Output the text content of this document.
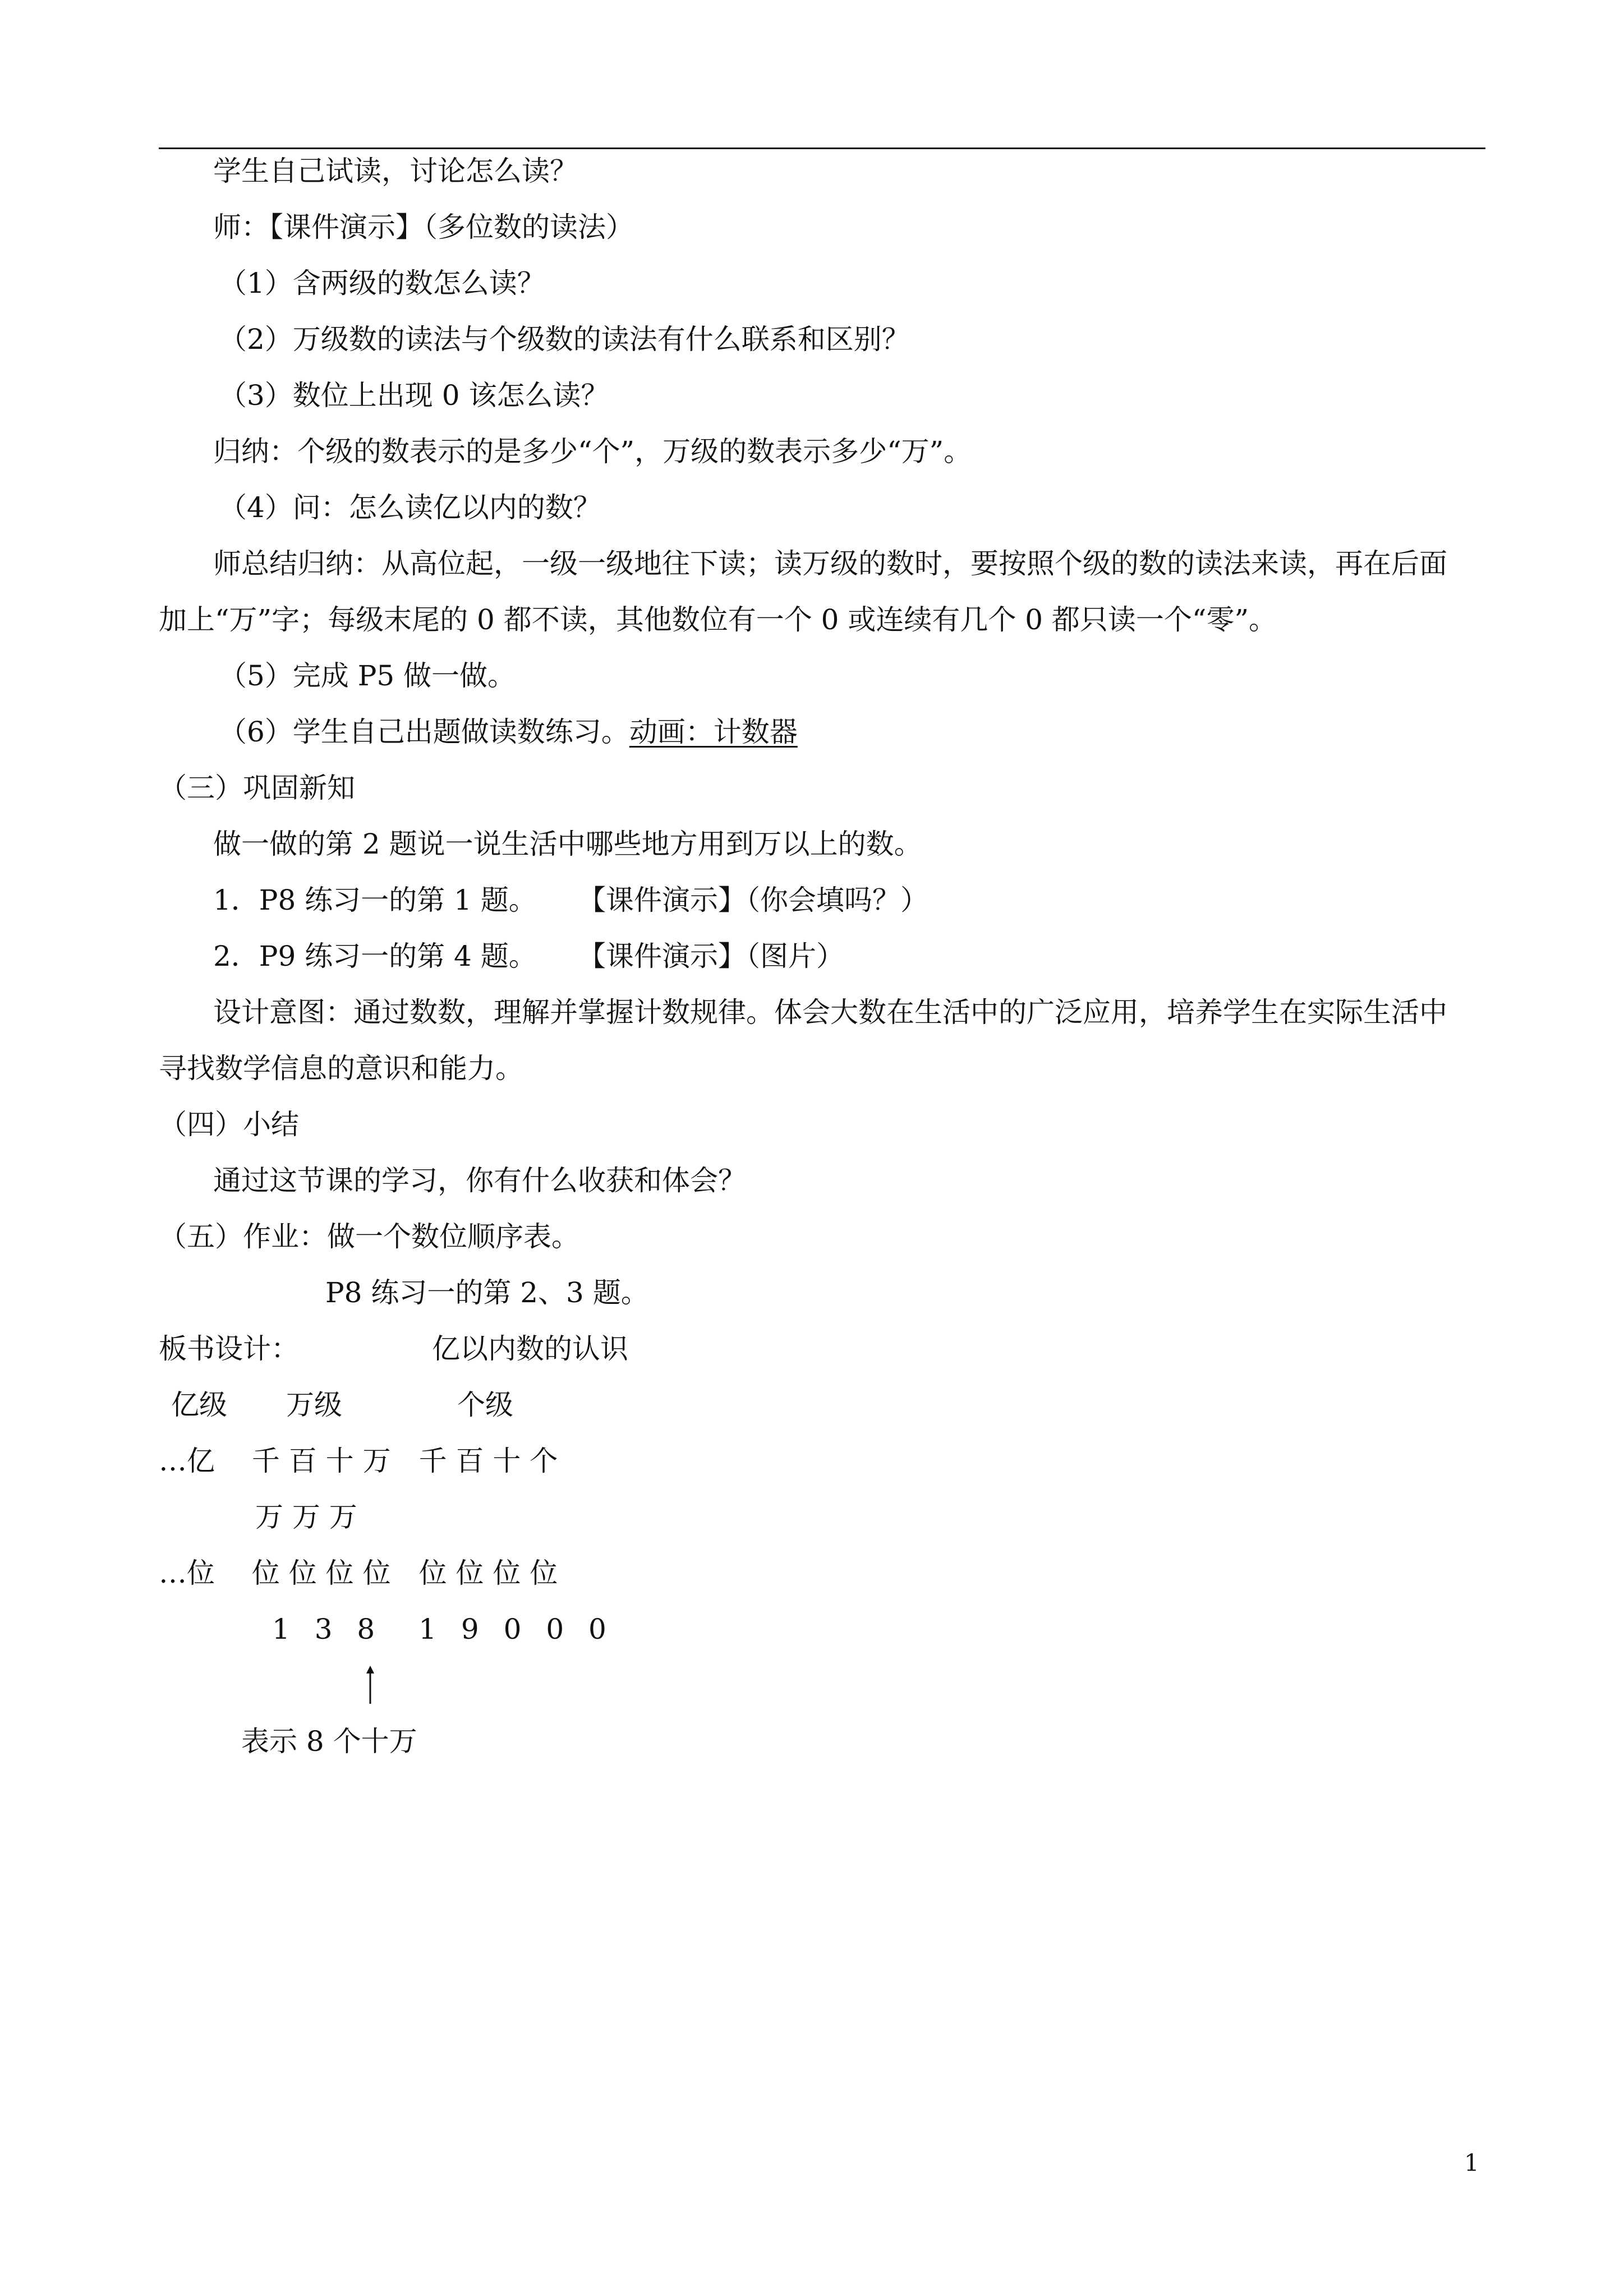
学生自己试读，讨论怎么读？
师：【课件演示】（多位数的读法）
（1）含两级的数怎么读？
（2）万级数的读法与个级数的读法有什么联系和区别？
（3）数位上出现 0 该怎么读？
归纳：个级的数表示的是多少“个”，万级的数表示多少“万”。
（4）问：怎么读亿以内的数？
师总结归纳：从高位起，一级一级地往下读；读万级的数时，要按照个级的数的读法来读，再在后面
加上“万”字；每级末尾的 0 都不读，其他数位有一个 0 或连续有几个 0 都只读一个“零”。
（5）完成 P5 做一做。
（6）学生自己出题做读数练习。动画：计数器
（三）巩固新知
做一做的第 2 题说一说生活中哪些地方用到万以上的数。
1．P8 练习一的第 1 题。 【课件演示】（你会填吗？）
2．P9 练习一的第 4 题。 【课件演示】（图片）
设计意图：通过数数，理解并掌握计数规律。体会大数在生活中的广泛应用，培养学生在实际生活中
寻找数学信息的意识和能力。
（四）小结
通过这节课的学习，你有什么收获和体会？
（五）作业：做一个数位顺序表。
P8 练习一的第 2、3 题。
板书设计：	亿以内数的认识
亿级 万级	个级
…亿　 千 百 十 万　千 百 十 个
万 万 万
…位　 位 位 位 位　位 位 位 位
1 3 8　1 9 0 0 0
表示 8 个十万
1
